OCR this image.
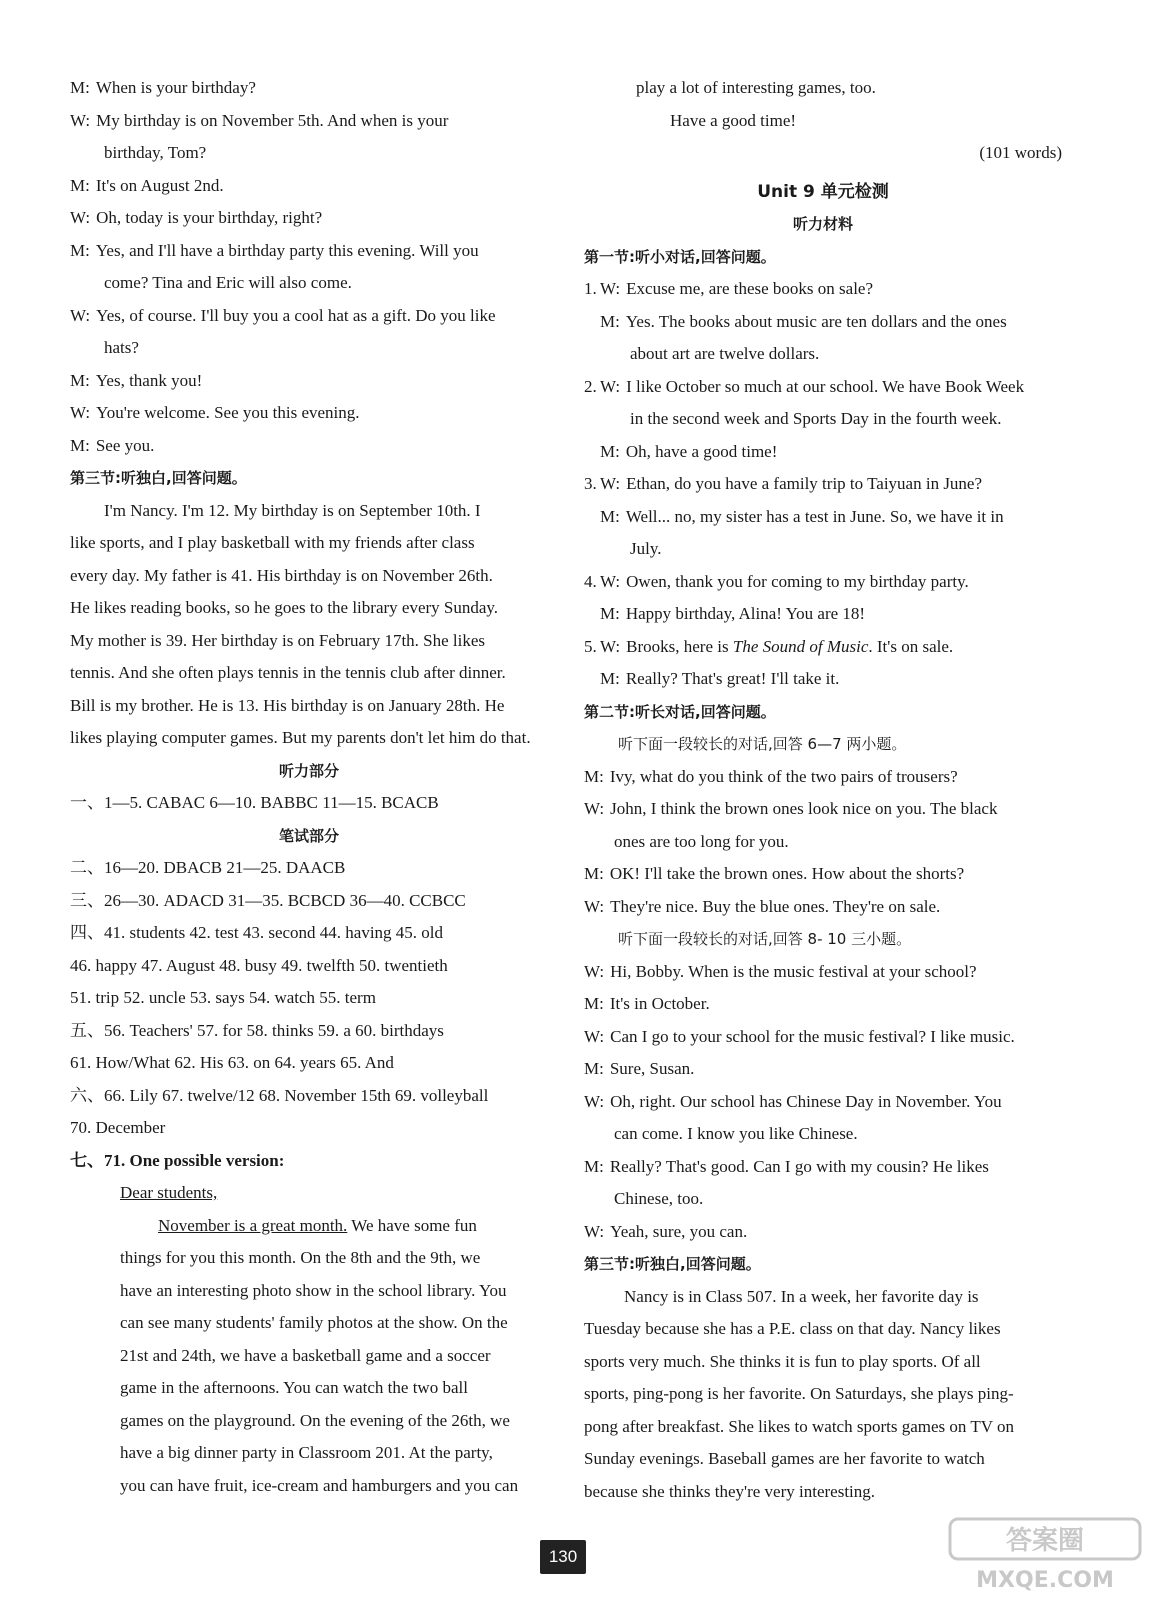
M: When is your birthday?
W: My birthday is on November 5th. And when is your
birthday, Tom?
M: It's on August 2nd.
W: Oh, today is your birthday, right?
M: Yes, and I'll have a birthday party this evening. Will you
come? Tina and Eric will also come.
W: Yes, of course. I'll buy you a cool hat as a gift. Do you like
hats?
M: Yes, thank you!
W: You're welcome. See you this evening.
M: See you.
第三节:听独白,回答问题。
I'm Nancy. I'm 12. My birthday is on September 10th. I
like sports, and I play basketball with my friends after class
every day. My father is 41. His birthday is on November 26th.
He likes reading books, so he goes to the library every Sunday.
My mother is 39. Her birthday is on February 17th. She likes
tennis. And she often plays tennis in the tennis club after dinner.
Bill is my brother. He is 13. His birthday is on January 28th. He
likes playing computer games. But my parents don't let him do that.
听力部分
一、1—5. CABAC 6—10. BABBC 11—15. BCACB
笔试部分
二、16—20. DBACB 21—25. DAACB
三、26—30. ADACD 31—35. BCBCD 36—40. CCBCC
四、41. students 42. test 43. second 44. having 45. old
46. happy 47. August 48. busy 49. twelfth 50. twentieth
51. trip 52. uncle 53. says 54. watch 55. term
五、56. Teachers' 57. for 58. thinks 59. a 60. birthdays
61. How/What 62. His 63. on 64. years 65. And
六、66. Lily 67. twelve/12 68. November 15th 69. volleyball
70. December
七、71. One possible version:
Dear students,
November is a great month. We have some fun
things for you this month. On the 8th and the 9th, we
have an interesting photo show in the school library. You
can see many students' family photos at the show. On the
21st and 24th, we have a basketball game and a soccer
game in the afternoons. You can watch the two ball
games on the playground. On the evening of the 26th, we
have a big dinner party in Classroom 201. At the party,
you can have fruit, ice-cream and hamburgers and you can
play a lot of interesting games, too.
Have a good time!
(101 words)
Unit 9 单元检测
听力材料
第一节:听小对话,回答问题。
1. W: Excuse me, are these books on sale?
M: Yes. The books about music are ten dollars and the ones
about art are twelve dollars.
2. W: I like October so much at our school. We have Book Week
in the second week and Sports Day in the fourth week.
M: Oh, have a good time!
3. W: Ethan, do you have a family trip to Taiyuan in June?
M: Well... no, my sister has a test in June. So, we have it in
July.
4. W: Owen, thank you for coming to my birthday party.
M: Happy birthday, Alina! You are 18!
5. W: Brooks, here is The Sound of Music. It's on sale.
M: Really? That's great! I'll take it.
第二节:听长对话,回答问题。
听下面一段较长的对话,回答 6—7 两小题。
M: Ivy, what do you think of the two pairs of trousers?
W: John, I think the brown ones look nice on you. The black
ones are too long for you.
M: OK! I'll take the brown ones. How about the shorts?
W: They're nice. Buy the blue ones. They're on sale.
听下面一段较长的对话,回答 8- 10 三小题。
W: Hi, Bobby. When is the music festival at your school?
M: It's in October.
W: Can I go to your school for the music festival? I like music.
M: Sure, Susan.
W: Oh, right. Our school has Chinese Day in November. You
can come. I know you like Chinese.
M: Really? That's good. Can I go with my cousin? He likes
Chinese, too.
W: Yeah, sure, you can.
第三节:听独白,回答问题。
Nancy is in Class 507. In a week, her favorite day is
Tuesday because she has a P.E. class on that day. Nancy likes
sports very much. She thinks it is fun to play sports. Of all
sports, ping-pong is her favorite. On Saturdays, she plays ping-
pong after breakfast. She likes to watch sports games on TV on
Sunday evenings. Baseball games are her favorite to watch
because she thinks they're very interesting.
130
答案圈
MXQE.COM
